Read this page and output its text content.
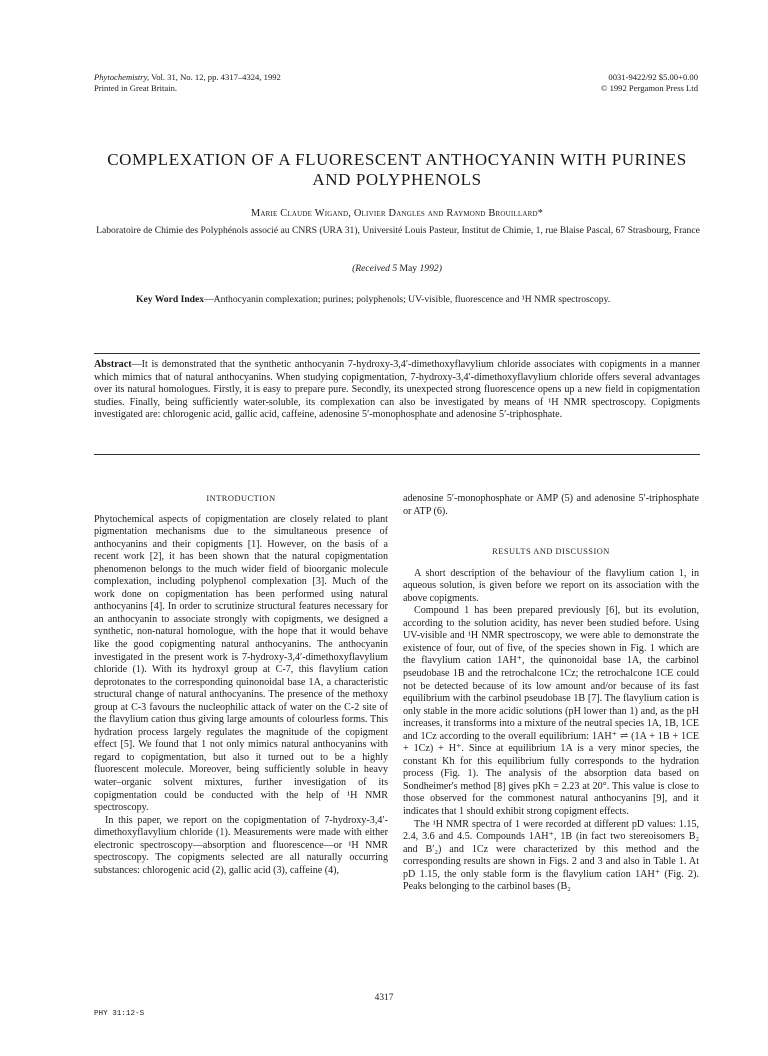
Phytochemistry, Vol. 31, No. 12, pp. 4317–4324, 1992
Printed in Great Britain.
0031-9422/92 $5.00+0.00
© 1992 Pergamon Press Ltd
COMPLEXATION OF A FLUORESCENT ANTHOCYANIN WITH PURINES AND POLYPHENOLS
Marie Claude Wigand, Olivier Dangles and Raymond Brouillard*
Laboratoire de Chimie des Polyphénols associé au CNRS (URA 31), Université Louis Pasteur, Institut de Chimie, 1, rue Blaise Pascal, 67 Strasbourg, France
(Received 5 May 1992)
Key Word Index—Anthocyanin complexation; purines; polyphenols; UV-visible, fluorescence and ¹H NMR spectroscopy.
Abstract—It is demonstrated that the synthetic anthocyanin 7-hydroxy-3,4′-dimethoxyflavylium chloride associates with copigments in a manner which mimics that of natural anthocyanins. When studying copigmentation, 7-hydroxy-3,4′-dimethoxyflavylium chloride offers several advantages over its natural homologues. Firstly, it is easy to prepare pure. Secondly, its unexpected strong fluorescence opens up a new field in copigmentation studies. Finally, being sufficiently water-soluble, its complexation can also be investigated by means of ¹H NMR spectroscopy. Copigments investigated are: chlorogenic acid, gallic acid, caffeine, adenosine 5′-monophosphate and adenosine 5′-triphosphate.
INTRODUCTION

Phytochemical aspects of copigmentation are closely related to plant pigmentation mechanisms due to the simultaneous presence of anthocyanins and their copigments [1]. However, on the basis of a recent work [2], it has been shown that the natural copigmentation phenomenon belongs to the much wider field of bioorganic molecule complexation, including polyphenol complexation [3]. Much of the work done on copigmentation has been performed using natural anthocyanins [4]. In order to scrutinize structural features necessary for an anthocyanin to associate strongly with copigments, we designed a synthetic, non-natural homologue, with the hope that it would behave like the good copigmenting natural anthocyanins. The anthocyanin investigated in the present work is 7-hydroxy-3,4′-dimethoxyflavylium chloride (1). With its hydroxyl group at C-7, this flavylium cation deprotonates to the corresponding quinonoidal base 1A, a characteristic structural change of natural anthocyanins. The presence of the methoxy group at C-3 favours the nucleophilic attack of water on the C-2 site of the flavylium cation thus giving large amounts of colourless forms. This hydration process largely regulates the magnitude of the copigment effect [5]. We found that 1 not only mimics natural anthocyanins with regard to copigmentation, but also it turned out to be a highly fluorescent molecule. Moreover, being sufficiently soluble in heavy water–organic solvent mixtures, further investigation of its copigmentation could be conducted with the help of ¹H NMR spectroscopy.

In this paper, we report on the copigmentation of 7-hydroxy-3,4′-dimethoxyflavylium chloride (1). Measurements were made with either electronic spectroscopy—absorption and fluorescence—or ¹H NMR spectroscopy. The copigments selected are all naturally occurring substances: chlorogenic acid (2), gallic acid (3), caffeine (4),

adenosine 5′-monophosphate or AMP (5) and adenosine 5′-triphosphate or ATP (6).

RESULTS AND DISCUSSION

A short description of the behaviour of the flavylium cation 1, in aqueous solution, is given before we report on its association with the above copigments.

Compound 1 has been prepared previously [6], but its evolution, according to the solution acidity, has never been studied before. Using UV-visible and ¹H NMR spectroscopy, we were able to demonstrate the existence of four, out of five, of the species shown in Fig. 1 which are the flavylium cation 1AH⁺, the quinonoidal base 1A, the carbinol pseudobase 1B and the retrochalcone 1Cz; the retrochalcone 1CE could not be detected because of its low amount and/or because of its fast equilibrium with the carbinol pseudobase 1B [7]. The flavylium cation is only stable in the more acidic solutions (pH lower than 1) and, as the pH increases, it transforms into a mixture of the neutral species 1A, 1B, 1CE and 1Cz according to the overall equilibrium: 1AH⁺ ⇌ (1A + 1B + 1CE + 1Cz) + H⁺. Since at equilibrium 1A is a very minor species, the constant Kh for this equilibrium fully corresponds to the hydration process (Fig. 1). The analysis of the absorption data based on Sondheimer's method [8] gives pKh = 2.23 at 20°. This value is close to those observed for the commonest natural anthocyanins [9], and it indicates that 1 should exhibit strong copigment effects.

The ¹H NMR spectra of 1 were recorded at different pD values: 1.15, 2.4, 3.6 and 4.5. Compounds 1AH⁺, 1B (in fact two stereoisomers B₂ and B′₂) and 1Cz were characterized by this method and the corresponding results are shown in Figs. 2 and 3 and also in Table 1. At pD 1.15, the only stable form is the flavylium cation 1AH⁺ (Fig. 2). Peaks belonging to the carbinol bases (B₂

4317
PHY 31:12-S
